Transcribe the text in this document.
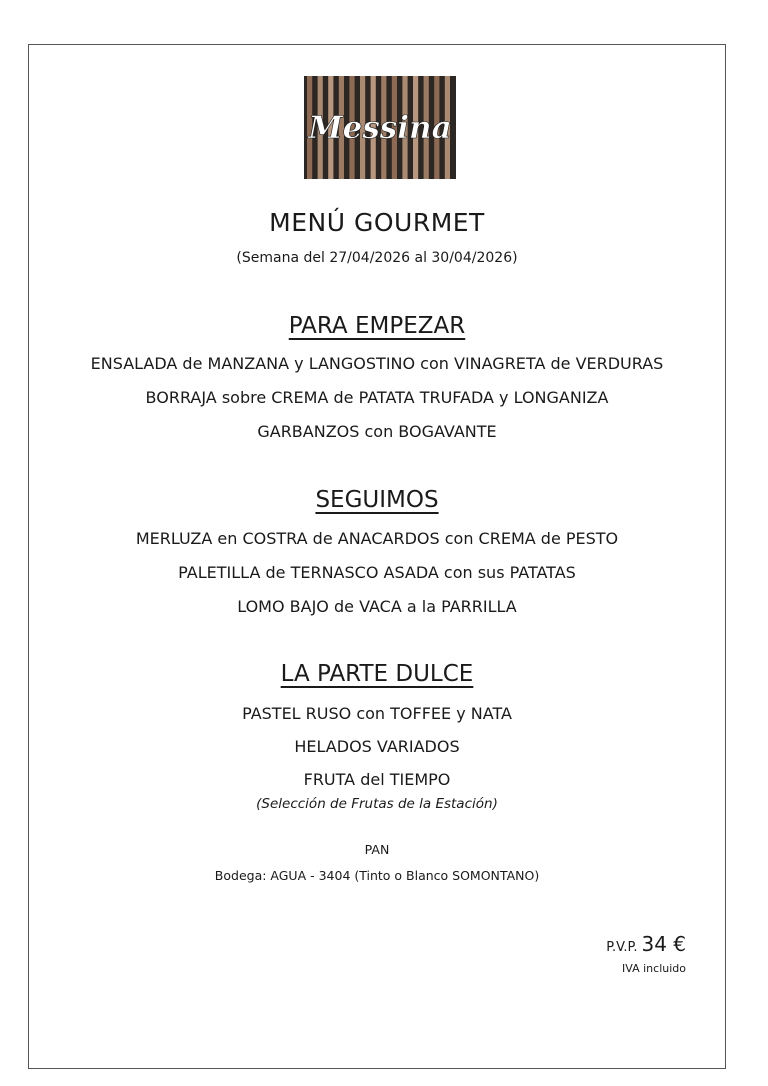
Messina
MENÚ GOURMET
(Semana del 27/04/2026 al 30/04/2026)
PARA EMPEZAR
ENSALADA de MANZANA y LANGOSTINO con VINAGRETA de VERDURAS
BORRAJA sobre CREMA de PATATA TRUFADA y LONGANIZA
GARBANZOS con BOGAVANTE
SEGUIMOS
MERLUZA en COSTRA de ANACARDOS con CREMA de PESTO
PALETILLA de TERNASCO ASADA con sus PATATAS
LOMO BAJO de VACA a la PARRILLA
LA PARTE DULCE
PASTEL RUSO con TOFFEE y NATA
HELADOS VARIADOS
FRUTA del TIEMPO
(Selección de Frutas de la Estación)
PAN
Bodega: AGUA - 3404 (Tinto o Blanco SOMONTANO)
P.V.P. 34 €
IVA incluido
